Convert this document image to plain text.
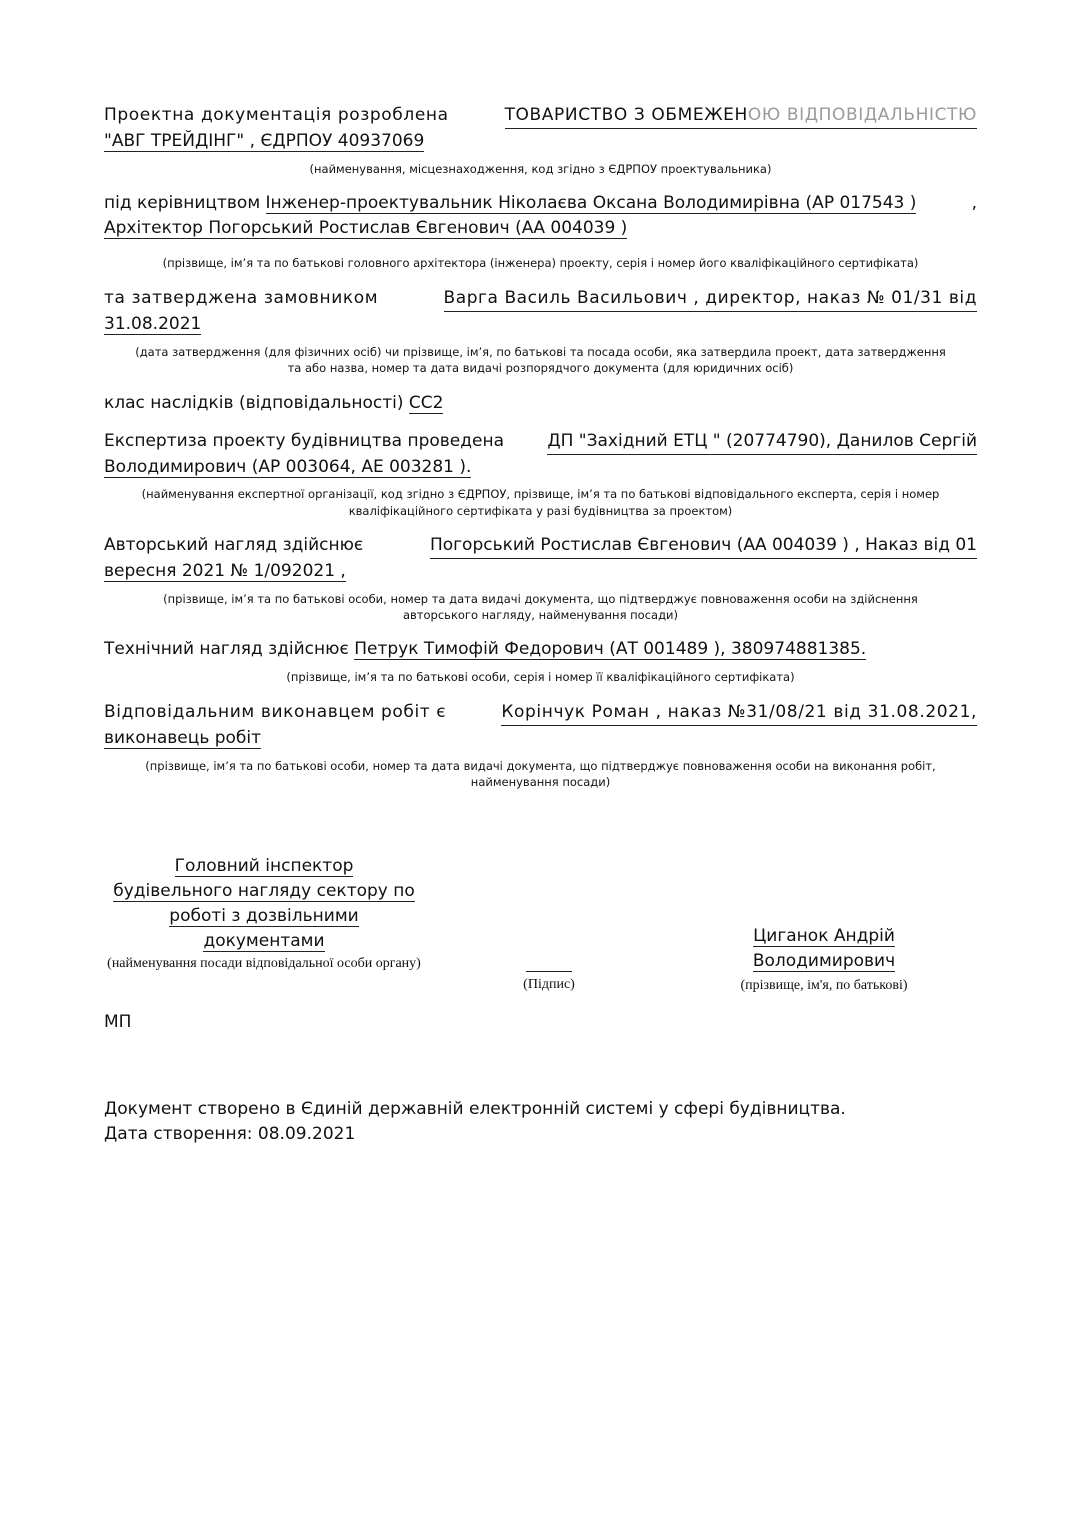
Проектна документація розроблена	ТОВАРИСТВО З ОБМЕЖЕНОЮ ВІДПОВІДАЛЬНІСТЮ
"АВГ ТРЕЙДІНГ" , ЄДРПОУ 40937069
(найменування, місцезнаходження, код згідно з ЄДРПОУ проектувальника)
під керівництвом Інженер-проектувальник Ніколаєва Оксана Володимирівна (АР 017543 )	,
Архітектор Погорський Ростислав Євгенович (АА 004039 )
(прізвище, ім’я та по батькові головного архітектора (інженера) проекту, серія і номер його кваліфікаційного сертифіката)
та затверджена замовником	Варга Василь Васильович , директор, наказ № 01/31 від
31.08.2021
(дата затвердження (для фізичних осіб) чи прізвище, ім’я, по батькові та посада особи, яка затвердила проект, дата затвердження
та або назва, номер та дата видачі розпорядчого документа (для юридичних осіб)
клас наслідків (відповідальності) СС2
Експертиза проекту будівництва проведена	ДП "Західний ЕТЦ " (20774790), Данилов Сергій
Володимирович (АР 003064, АЕ 003281 ).
(найменування експертної організації, код згідно з ЄДРПОУ, прізвище, ім’я та по батькові відповідального експерта, серія і номер
кваліфікаційного сертифіката у разі будівництва за проектом)
Авторський нагляд здійснює	Погорський Ростислав Євгенович (АА 004039 ) , Наказ від 01
вересня 2021 № 1/092021 ,
(прізвище, ім’я та по батькові особи, номер та дата видачі документа, що підтверджує повноваження особи на здійснення
авторського нагляду, найменування посади)
Технічний нагляд здійснює Петрук Тимофій Федорович (АТ 001489 ), 380974881385.
(прізвище, ім’я та по батькові особи, серія і номер її кваліфікаційного сертифіката)
Відповідальним виконавцем робіт є	Корінчук Роман , наказ №31/08/21 від 31.08.2021,
виконавець робіт
(прізвище, ім’я та по батькові особи, номер та дата видачі документа, що підтверджує повноваження особи на виконання робіт,
найменування посади)
Головний інспектор
будівельного нагляду сектору по
роботі з дозвільними
документами
(найменування посади відповідальної особи органу)
(Підпис)
Циганок Андрій
Володимирович
(прізвище, ім'я, по батькові)
МП
Документ створено в Єдиній державній електронній системі у сфері будівництва.
Дата створення: 08.09.2021
